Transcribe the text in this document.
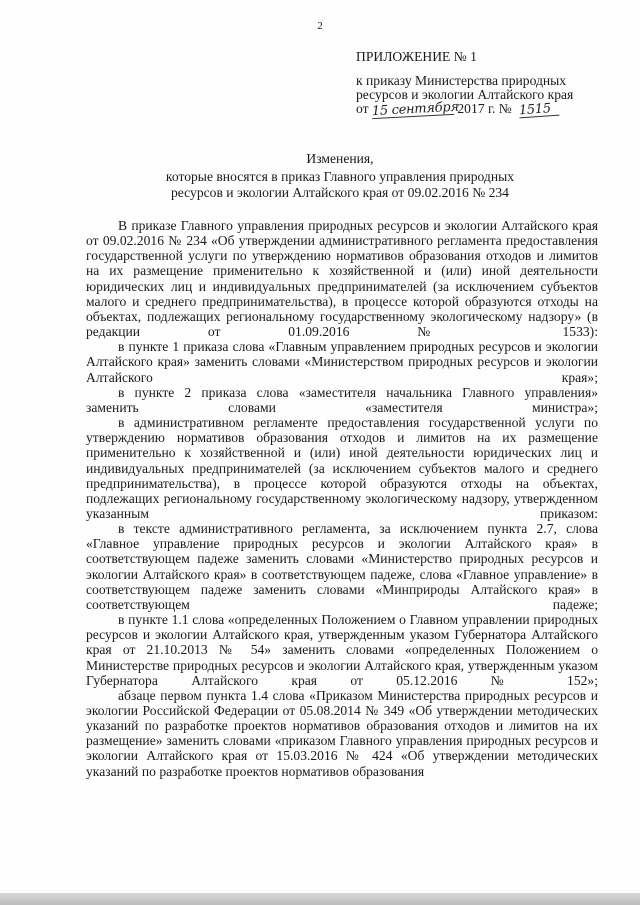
2
ПРИЛОЖЕНИЕ № 1
к приказу Министерства природных
ресурсов и экологии Алтайского края
от 15 сентября 2017 г. № 1515
Изменения,
которые вносятся в приказ Главного управления природных
ресурсов и экологии Алтайского края от 09.02.2016 № 234

В приказе Главного управления природных ресурсов и экологии Алтайского края от 09.02.2016 № 234 «Об утверждении административного регламента предоставления государственной услуги по утверждению нормативов образования отходов и лимитов на их размещение применительно к хозяйственной и (или) иной деятельности юридических лиц и индивидуальных предпринимателей (за исключением субъектов малого и среднего предпринимательства), в процессе которой образуются отходы на объектах, подлежащих региональному государственному экологическому надзору» (в редакции от 01.09.2016 № 1533):

в пункте 1 приказа слова «Главным управлением природных ресурсов и экологии Алтайского края» заменить словами «Министерством природных ресурсов и экологии Алтайского края»;

в пункте 2 приказа слова «заместителя начальника Главного управления» заменить словами «заместителя министра»;

в административном регламенте предоставления государственной услуги по утверждению нормативов образования отходов и лимитов на их размещение применительно к хозяйственной и (или) иной деятельности юридических лиц и индивидуальных предпринимателей (за исключением субъектов малого и среднего предпринимательства), в процессе которой образуются отходы на объектах, подлежащих региональному государственному экологическому надзору, утвержденном указанным приказом:

в тексте административного регламента, за исключением пункта 2.7, слова «Главное управление природных ресурсов и экологии Алтайского края» в соответствующем падеже заменить словами «Министерство природных ресурсов и экологии Алтайского края» в соответствующем падеже, слова «Главное управление» в соответствующем падеже заменить словами «Минприроды Алтайского края» в соответствующем падеже;

в пункте 1.1 слова «определенных Положением о Главном управлении природных ресурсов и экологии Алтайского края, утвержденным указом Губернатора Алтайского края от 21.10.2013 № 54» заменить словами «определенных Положением о Министерстве природных ресурсов и экологии Алтайского края, утвержденным указом Губернатора Алтайского края от 05.12.2016 № 152»;

абзаце первом пункта 1.4 слова «Приказом Министерства природных ресурсов и экологии Российской Федерации от 05.08.2014 № 349 «Об утверждении методических указаний по разработке проектов нормативов образования отходов и лимитов на их размещение» заменить словами «приказом Главного управления природных ресурсов и экологии Алтайского края от 15.03.2016 № 424 «Об утверждении методических указаний по разработке проектов нормативов образования
